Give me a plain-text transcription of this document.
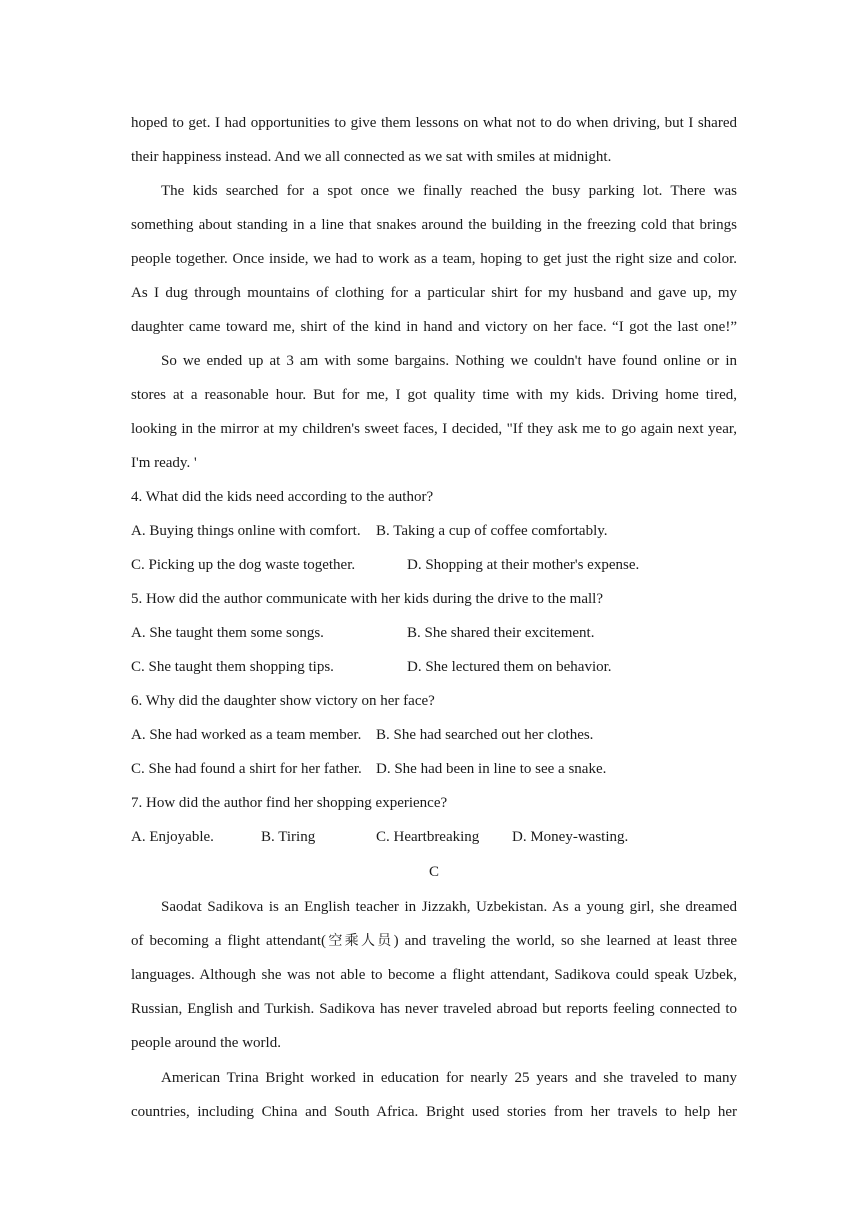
hoped to get. I had opportunities to give them lessons on what not to do when driving, but I shared
their happiness instead. And we all connected as we sat with smiles at midnight.
The kids searched for a spot once we finally reached the busy parking lot. There was
something about standing in a line that snakes around the building in the freezing cold that brings
people together. Once inside, we had to work as a team, hoping to get just the right size and color.
As I dug through mountains of clothing for a particular shirt for my husband and gave up, my
daughter came toward me, shirt of the kind in hand and victory on her face. “I got the last one!”
So we ended up at 3 am with some bargains. Nothing we couldn't have found online or in
stores at a reasonable hour. But for me, I got quality time with my kids. Driving home tired,
looking in the mirror at my children's sweet faces, I decided, "If they ask me to go again next year,
I'm ready. '
4. What did the kids need according to the author?
A. Buying things online with comfort. B. Taking a cup of coffee comfortably.
C. Picking up the dog waste together.	D. Shopping at their mother's expense.
5. How did the author communicate with her kids during the drive to the mall?
A. She taught them some songs.	B. She shared their excitement.
C. She taught them shopping tips.	D. She lectured them on behavior.
6. Why did the daughter show victory on her face?
A. She had worked as a team member. B. She had searched out her clothes.
C. She had found a shirt for her father. D. She had been in line to see a snake.
7. How did the author find her shopping experience?
A. Enjoyable.	B. Tiring	C. Heartbreaking D. Money-wasting.
C
Saodat Sadikova is an English teacher in Jizzakh, Uzbekistan. As a young girl, she dreamed
of becoming a flight attendant(空乘人员) and traveling the world, so she learned at least three
languages. Although she was not able to become a flight attendant, Sadikova could speak Uzbek,
Russian, English and Turkish. Sadikova has never traveled abroad but reports feeling connected to
people around the world.
American Trina Bright worked in education for nearly 25 years and she traveled to many
countries, including China and South Africa. Bright used stories from her travels to help her
